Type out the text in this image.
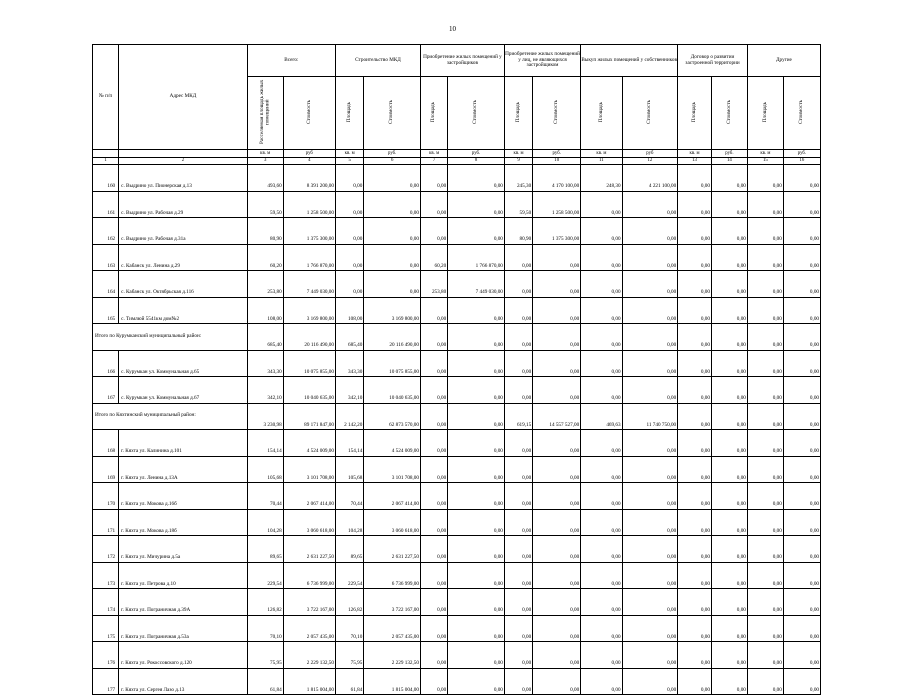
10
№ п/п	Адрес МКД	Всего:		Строительство МКД		Приобретение жилых помещений у застройщиков		Приобретение жилых помещений у лиц, не являющихся застройщиком		Выкуп жилых помещений у собственников		Договор о развитии застроенной территории		Другие	
		Расселяемая площадь жилых помещений	Стоимость	Площадь	Стоимость	Площадь	Стоимость	Площадь	Стоимость	Площадь	Стоимость	Площадь	Стоимость	Площадь	Стоимость
		кв. м	руб	кв. м	руб.	кв. м	руб.	кв. м	руб.	кв. м	руб	кв. м	руб.	кв. м	руб.
1	2	3	4	5	6	7	8	9	10	11	12	13	14	15	16
160	с. Выдрино ул. Пионерская д.13	493,60	8 391 200,00	0,00	0,00	0,00	0,00	245,30	4 170 100,00	248,30	4 221 100,00	0,00	0,00	0,00	0,00
161	с. Выдрино ул. Рабочая д.29	59,50	1 258 500,00	0,00	0,00	0,00	0,00	59,50	1 258 500,00	0,00	0,00	0,00	0,00	0,00	0,00
162	с. Выдрино ул. Рабочая д.31а	80,90	1 375 300,00	0,00	0,00	0,00	0,00	80,90	1 375 300,00	0,00	0,00	0,00	0,00	0,00	0,00
163	с. Кабанск ул. Ленина д.29	60,20	1 766 870,00	0,00	0,00	60,20	1 766 870,00	0,00	0,00	0,00	0,00	0,00	0,00	0,00	0,00
164	с. Кабанск ул. Октябрьская д.116	253,80	7 449 030,00	0,00	0,00	253,80	7 449 030,00	0,00	0,00	0,00	0,00	0,00	0,00	0,00	0,00
165	с. Тимлюй 5541км дом№2	108,00	3 169 800,00	108,00	3 169 800,00	0,00	0,00	0,00	0,00	0,00	0,00	0,00	0,00	0,00	0,00
Итого по Курумканский муниципальный район:		685,40	20 116 490,00	685,40	20 116 490,00	0,00	0,00	0,00	0,00	0,00	0,00	0,00	0,00	0,00	0,00
166	с. Курумкан ул. Коммунальная д.65	343,30	10 075 855,00	343,30	10 075 855,00	0,00	0,00	0,00	0,00	0,00	0,00	0,00	0,00	0,00	0,00
167	с. Курумкан ул. Коммунальная д.67	342,10	10 040 635,00	342,10	10 040 635,00	0,00	0,00	0,00	0,00	0,00	0,00	0,00	0,00	0,00	0,00
Итого по Кяхтинский муниципальный район:		3 230,98	89 171 847,00	2 142,20	62 873 570,00	0,00	0,00	619,15	14 557 527,00	469,63	11 740 750,00	0,00	0,00	0,00	0,00
168	г. Кяхта ул. Калинина д.101	154,14	4 524 009,00	154,14	4 524 009,00	0,00	0,00	0,00	0,00	0,00	0,00	0,00	0,00	0,00	0,00
169	г. Кяхта ул. Ленина д.13А	105,68	3 101 708,00	105,68	3 101 708,00	0,00	0,00	0,00	0,00	0,00	0,00	0,00	0,00	0,00	0,00
170	г. Кяхта ул. Мокова д.16б	70,44	2 067 414,00	70,44	2 067 414,00	0,00	0,00	0,00	0,00	0,00	0,00	0,00	0,00	0,00	0,00
171	г. Кяхта ул. Мокова д.18б	104,28	3 060 618,00	104,28	3 060 618,00	0,00	0,00	0,00	0,00	0,00	0,00	0,00	0,00	0,00	0,00
172	г. Кяхта ул. Мичурина д.5а	89,65	2 631 227,50	89,65	2 631 227,50	0,00	0,00	0,00	0,00	0,00	0,00	0,00	0,00	0,00	0,00
173	г. Кяхта ул. Петрова д.10	229,54	6 736 999,00	229,54	6 736 999,00	0,00	0,00	0,00	0,00	0,00	0,00	0,00	0,00	0,00	0,00
174	г. Кяхта ул. Пограничная д.39А	126,82	3 722 167,00	126,82	3 722 167,00	0,00	0,00	0,00	0,00	0,00	0,00	0,00	0,00	0,00	0,00
175	г. Кяхта ул. Пограничная д.53а	70,10	2 057 435,00	70,10	2 057 435,00	0,00	0,00	0,00	0,00	0,00	0,00	0,00	0,00	0,00	0,00
176	г. Кяхта ул. Рокоссовского д.120	75,95	2 229 132,50	75,95	2 229 132,50	0,00	0,00	0,00	0,00	0,00	0,00	0,00	0,00	0,00	0,00
177	г. Кяхта ул. Сергея Лазо д.13	61,84	1 815 004,00	61,84	1 815 004,00	0,00	0,00	0,00	0,00	0,00	0,00	0,00	0,00	0,00	0,00
